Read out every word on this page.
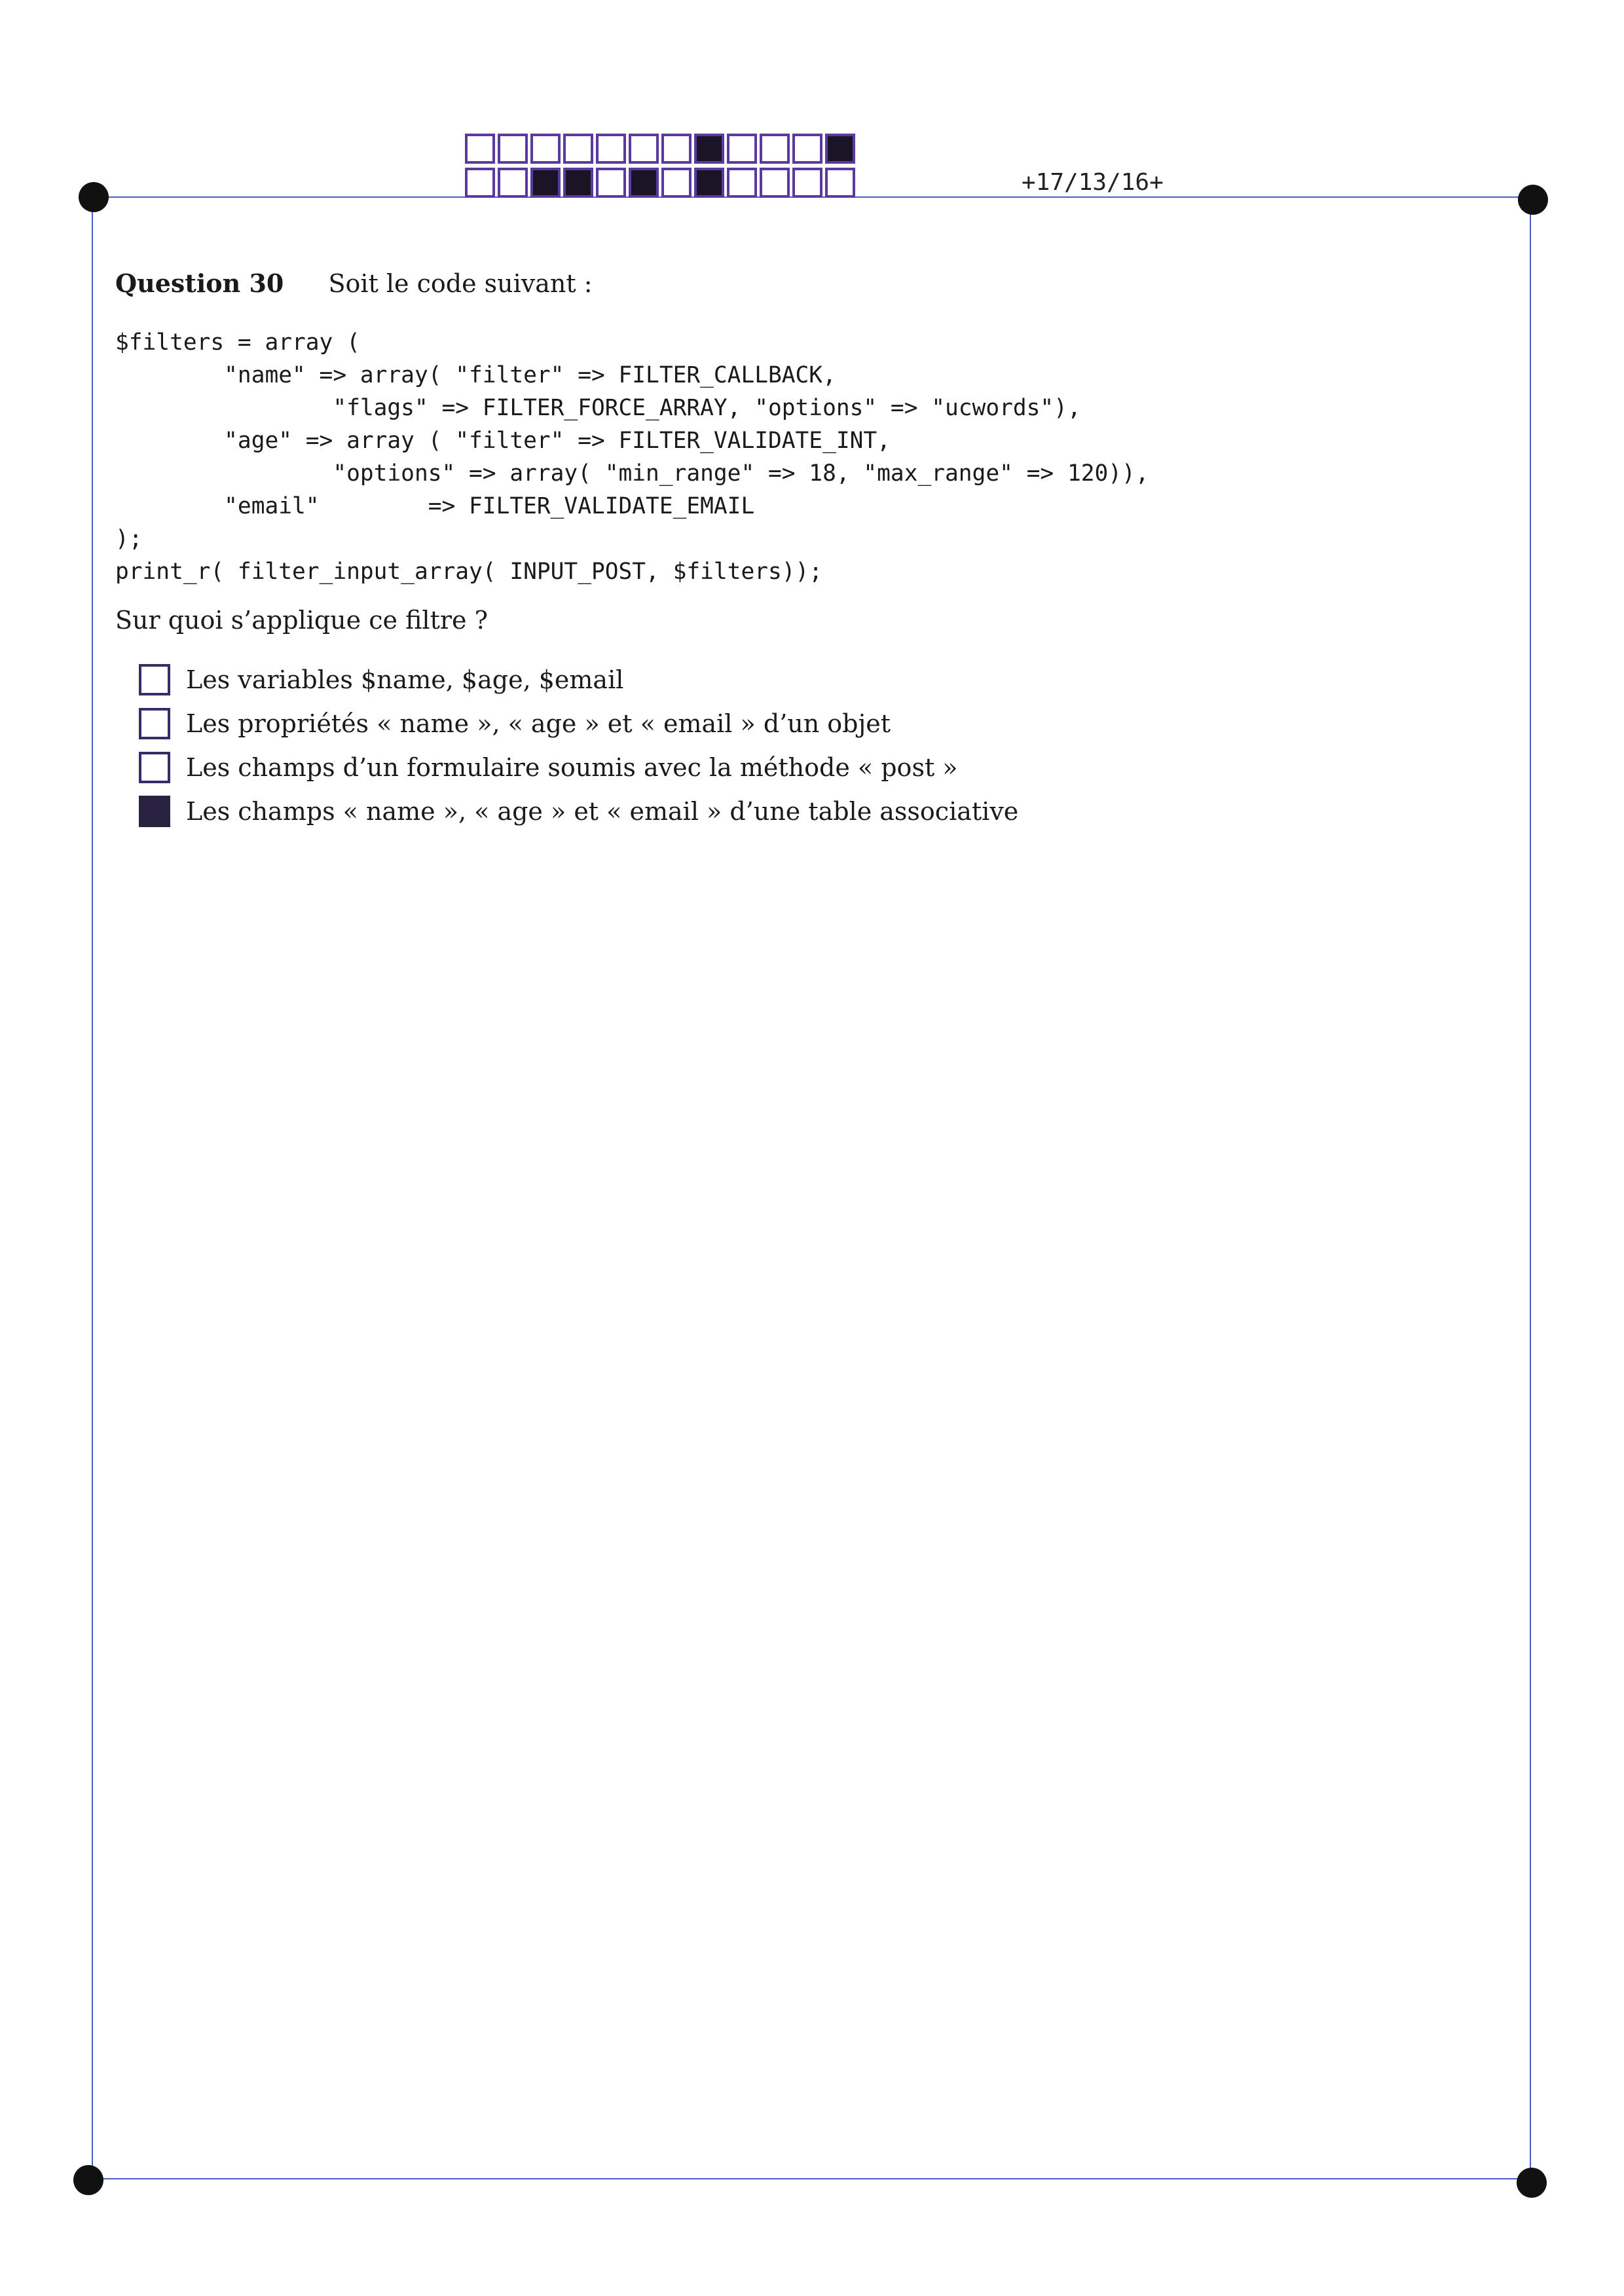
+17/13/16+
Question 30 Soit le code suivant :
$filters = array (
"name" => array( "filter" => FILTER_CALLBACK,
"flags" => FILTER_FORCE_ARRAY, "options" => "ucwords"),
"age" => array ( "filter" => FILTER_VALIDATE_INT,
"options" => array( "min_range" => 18, "max_range" => 120)),
"email"        => FILTER_VALIDATE_EMAIL
);
print_r( filter_input_array( INPUT_POST, $filters));
Sur quoi s’applique ce filtre ?
Les variables $name, $age, $email
Les propriétés « name », « age » et « email » d’un objet
Les champs d’un formulaire soumis avec la méthode « post »
Les champs « name », « age » et « email » d’une table associative
